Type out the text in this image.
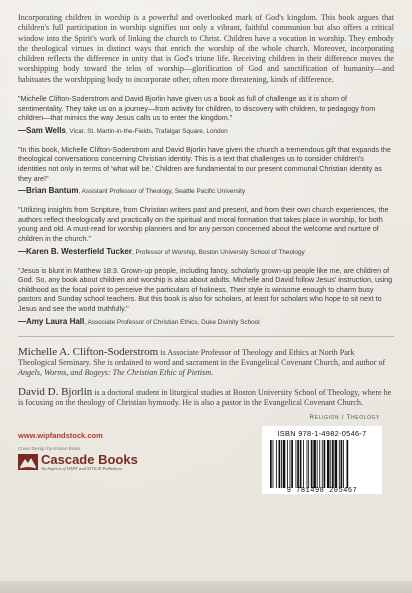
Incorporating children in worship is a powerful and overlooked mark of God's kingdom. This book argues that children's full participation in worship signifies not only a vibrant, faithful communion but also offers a critical window into the Spirit's work of linking the church to Christ. Children have a vocation in worship. They embody the theological virtues in distinct ways that enrich the worship of the whole church. Moreover, incorporating children reflects the difference in unity that is God's triune life. Receiving children in their difference moves the worshipping body toward the telos of worship—glorification of God and sanctification of humanity—and habituates the worshipping body to incorporate other, often more threatening, kinds of difference.

"Michelle Clifton-Soderstrom and David Bjorlin have given us a book as full of challenge as it is shorn of sentimentality. They take us on a journey—from activity for children, to discovery with children, to pedagogy from children—that mimics the way Jesus calls us to enter the kingdom."

—Sam Wells, Vicar, St. Martin-in-the-Fields, Trafalgar Square, London

"In this book, Michelle Clifton-Soderstrom and David Bjorlin have given the church a tremendous gift that expands the theological conversations concerning Christian identity. This is a text that challenges us to consider children's identities not only in terms of 'what will be.' Children are fundamental to our present communal Christian identity as they are!"

—Brian Bantum, Assistant Professor of Theology, Seattle Pacific University

"Utilizing insights from Scripture, from Christian writers past and present, and from their own church experiences, the authors reflect theologically and practically on the spiritual and moral formation that takes place in worship, for both young and old. A must-read for worship planners and for any person concerned about the welcome and nurture of children in the church."

—Karen B. Westerfield Tucker, Professor of Worship, Boston University School of Theology

"Jesus is blunt in Matthew 18:3. Grown-up people, including fancy, scholarly grown-up people like me, are children of God. So, any book about children and worship is also about adults. Michelle and David follow Jesus' instruction, using childhood as the focal point to perceive the particulars of holiness. Their style is winsome enough to charm busy pastors and Sunday school teachers. But this book is also for scholars, at least for scholars who hope to sit next to Jesus and see the world truthfully."

—Amy Laura Hall, Associate Professor of Christian Ethics, Duke Divinity School

Michelle A. Clifton-Soderstrom is Associate Professor of Theology and Ethics at North Park Theological Seminary. She is ordained to word and sacrament in the Evangelical Covenant Church, and author of Angels, Worms, and Bogeys: The Christian Ethic of Pietism.

David D. Bjorlin is a doctoral student in liturgical studies at Boston University School of Theology, where he is focusing on the theology of Christian hymnody. He is also a pastor in the Evangelical Covenant Church.

Religion / Theology
ISBN 978-1-4982-0546-7
9 781498 205467
www.wipfandstock.com
Cover Design by Kristen Brack
Cascade Books
An Imprint of WIPF and STOCK Publishers
